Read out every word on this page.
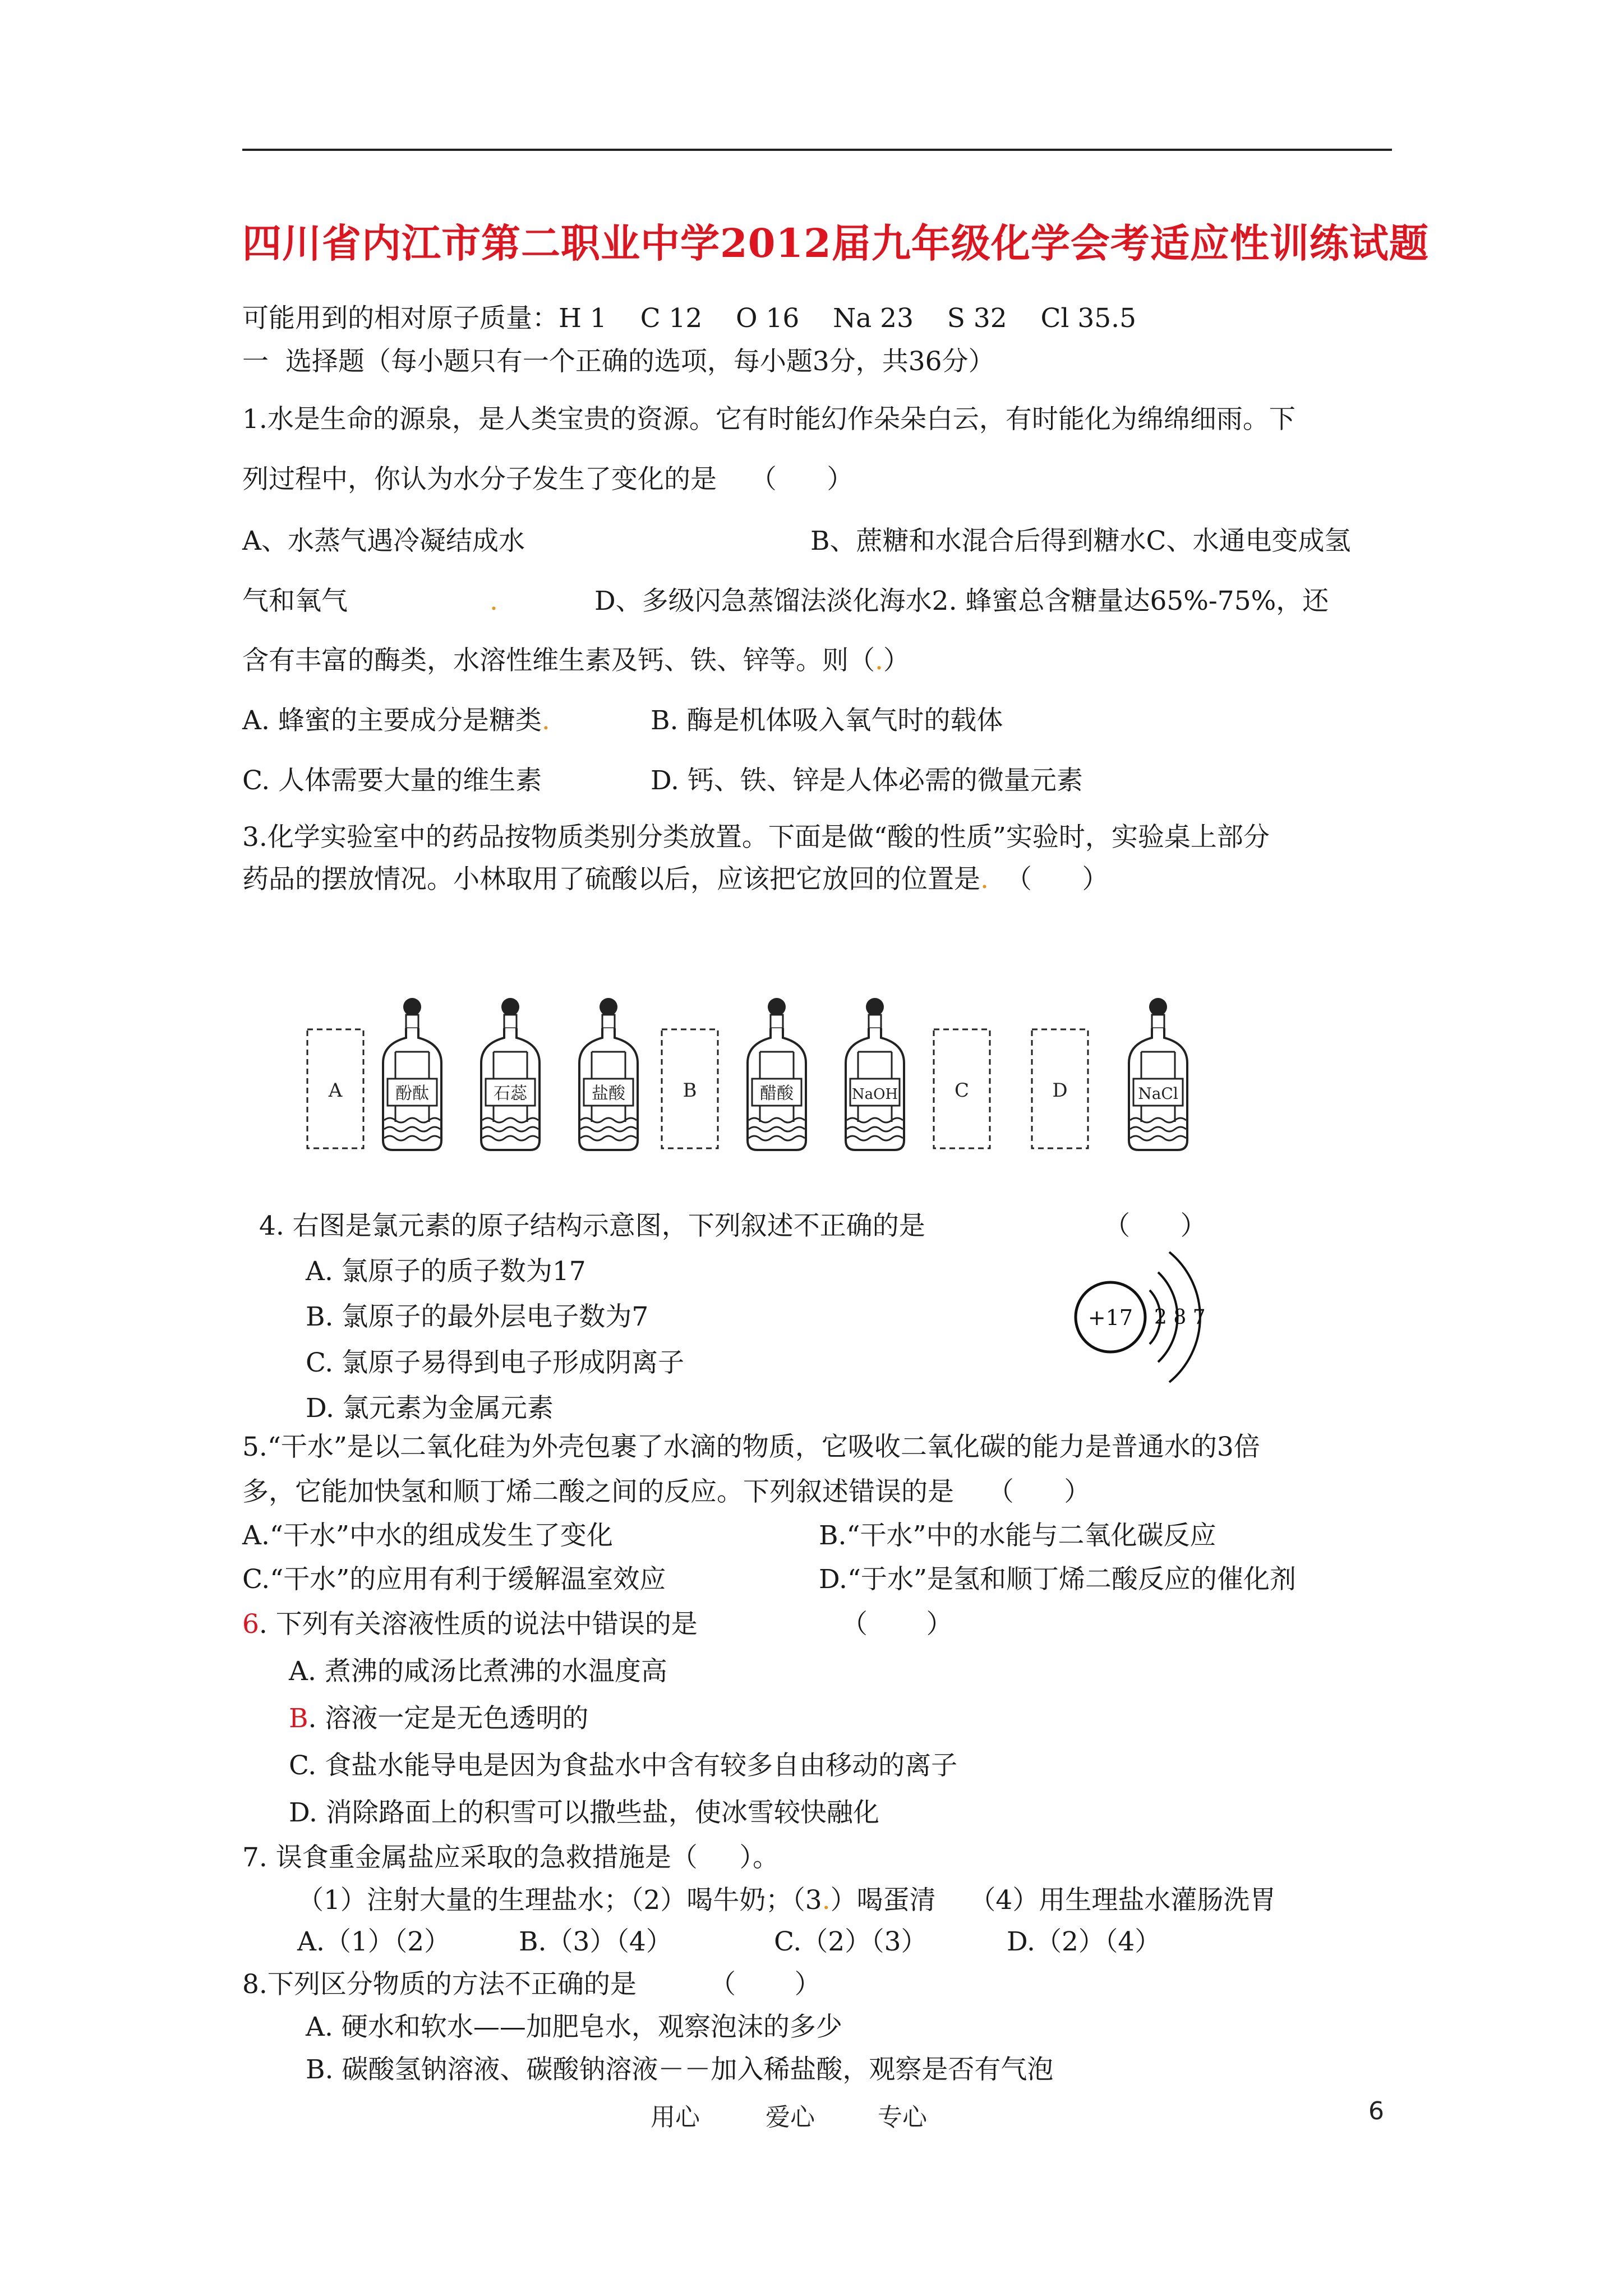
四川省内江市第二职业中学2012届九年级化学会考适应性训练试题
可能用到的相对原子质量：H 1    C 12    O 16    Na 23    S 32    Cl 35.5
一  选择题（每小题只有一个正确的选项，每小题3分，共36分）
1.水是生命的源泉，是人类宝贵的资源。它有时能幻作朵朵白云，有时能化为绵绵细雨。下
列过程中，你认为水分子发生了变化的是    （      ）
A、水蒸气遇冷凝结成水	B、蔗糖和水混合后得到糖水C、水通电变成氢
气和氧气	.	D、多级闪急蒸馏法淡化海水2. 蜂蜜总含糖量达65%-75%，还
含有丰富的酶类，水溶性维生素及钙、铁、锌等。则（.）
A. 蜂蜜的主要成分是糖类.	B. 酶是机体吸入氧气时的载体
C. 人体需要大量的维生素	D. 钙、铁、锌是人体必需的微量元素
3.化学实验室中的药品按物质类别分类放置。下面是做“酸的性质”实验时，实验桌上部分
药品的摆放情况。小林取用了硫酸以后，应该把它放回的位置是.  （      ）
A	酚酞	石蕊	盐酸	B	醋酸	NaOH	C	D	NaCl
4. 右图是氯元素的原子结构示意图，下列叙述不正确的是	（      ）
A. 氯原子的质子数为17
B. 氯原子的最外层电子数为7
C. 氯原子易得到电子形成阴离子
D. 氯元素为金属元素
+17 2 8 7
5.“干水”是以二氧化硅为外壳包裹了水滴的物质，它吸收二氧化碳的能力是普通水的3倍
多，它能加快氢和顺丁烯二酸之间的反应。下列叙述错误的是    （      ）
A.“干水”中水的组成发生了变化	B.“干水”中的水能与二氧化碳反应
C.“干水”的应用有利于缓解温室效应	D.“于水”是氢和顺丁烯二酸反应的催化剂
6. 下列有关溶液性质的说法中错误的是	（       ）
A. 煮沸的咸汤比煮沸的水温度高
B. 溶液一定是无色透明的
C. 食盐水能导电是因为食盐水中含有较多自由移动的离子
D. 消除路面上的积雪可以撒些盐，使冰雪较快融化
7. 误食重金属盐应采取的急救措施是（     ）。
（1）注射大量的生理盐水；（2）喝牛奶；（3.）喝蛋清    （4）用生理盐水灌肠洗胃
A.（1）（2）	B.（3）（4）	C.（2）（3）	D.（2）（4）
8.下列区分物质的方法不正确的是	（       ）
A. 硬水和软水——加肥皂水，观察泡沫的多少
B. 碳酸氢钠溶液、碳酸钠溶液－－加入稀盐酸，观察是否有气泡
用心	爱心	专心	6
